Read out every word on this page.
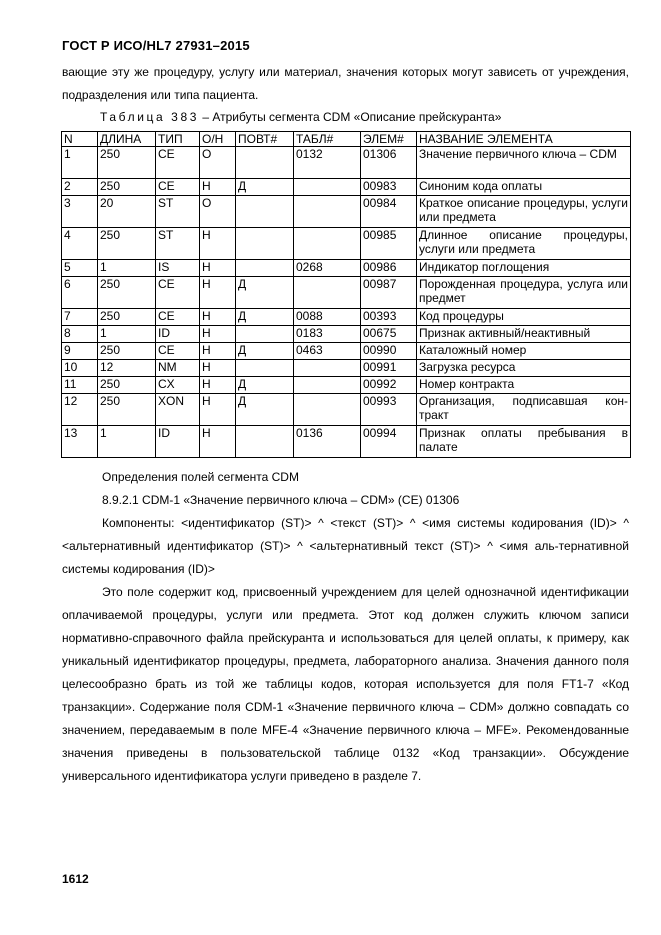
ГОСТ Р ИСО/HL7 27931–2015

вающие эту же процедуру, услугу или материал, значения которых могут зависеть от учреждения, подразделения или типа пациента.

Таблица 383 – Атрибуты сегмента CDM «Описание прейскуранта»
N	ДЛИНА	ТИП	О/Н	ПОВТ#	ТАБЛ#	ЭЛЕМ#	НАЗВАНИЕ ЭЛЕМЕНТА
1	250	CE	О		0132	01306	Значение первичного ключа – CDM
2	250	CE	Н	Д		00983	Синоним кода оплаты
3	20	ST	О			00984	Краткое описание процедуры, услуги или предмета
4	250	ST	Н			00985	Длинное описание процедуры, услуги или предмета
5	1	IS	Н		0268	00986	Индикатор поглощения
6	250	CE	Н	Д		00987	Порожденная процедура, услуга или предмет
7	250	CE	Н	Д	0088	00393	Код процедуры
8	1	ID	Н		0183	00675	Признак активный/неактивный
9	250	CE	Н	Д	0463	00990	Каталожный номер
10	12	NM	Н			00991	Загрузка ресурса
11	250	CX	Н	Д		00992	Номер контракта
12	250	XON	Н	Д		00993	Организация, подписавшая кон-тракт
13	1	ID	Н		0136	00994	Признак оплаты пребывания в палате

Определения полей сегмента CDM

8.9.2.1 CDM-1 «Значение первичного ключа – CDM» (CE) 01306

Компоненты: <идентификатор (ST)> ^ <текст (ST)> ^ <имя системы кодирования (ID)> ^ <альтернативный идентификатор (ST)> ^ <альтернативный текст (ST)> ^ <имя аль-тернативной системы кодирования (ID)>

Это поле содержит код, присвоенный учреждением для целей однозначной идентификации оплачиваемой процедуры, услуги или предмета. Этот код должен служить ключом записи нормативно-справочного файла прейскуранта и использоваться для целей оплаты, к примеру, как уникальный идентификатор процедуры, предмета, лабораторного анализа. Значения данного поля целесообразно брать из той же таблицы кодов, которая используется для поля FT1-7 «Код транзакции». Содержание поля CDM-1 «Значение первичного ключа – CDM» должно совпадать со значением, передаваемым в поле MFE-4 «Значение первичного ключа – MFE». Рекомендованные значения приведены в пользовательской таблице 0132 «Код транзакции». Обсуждение универсального идентификатора услуги приведено в разделе 7.

1612
